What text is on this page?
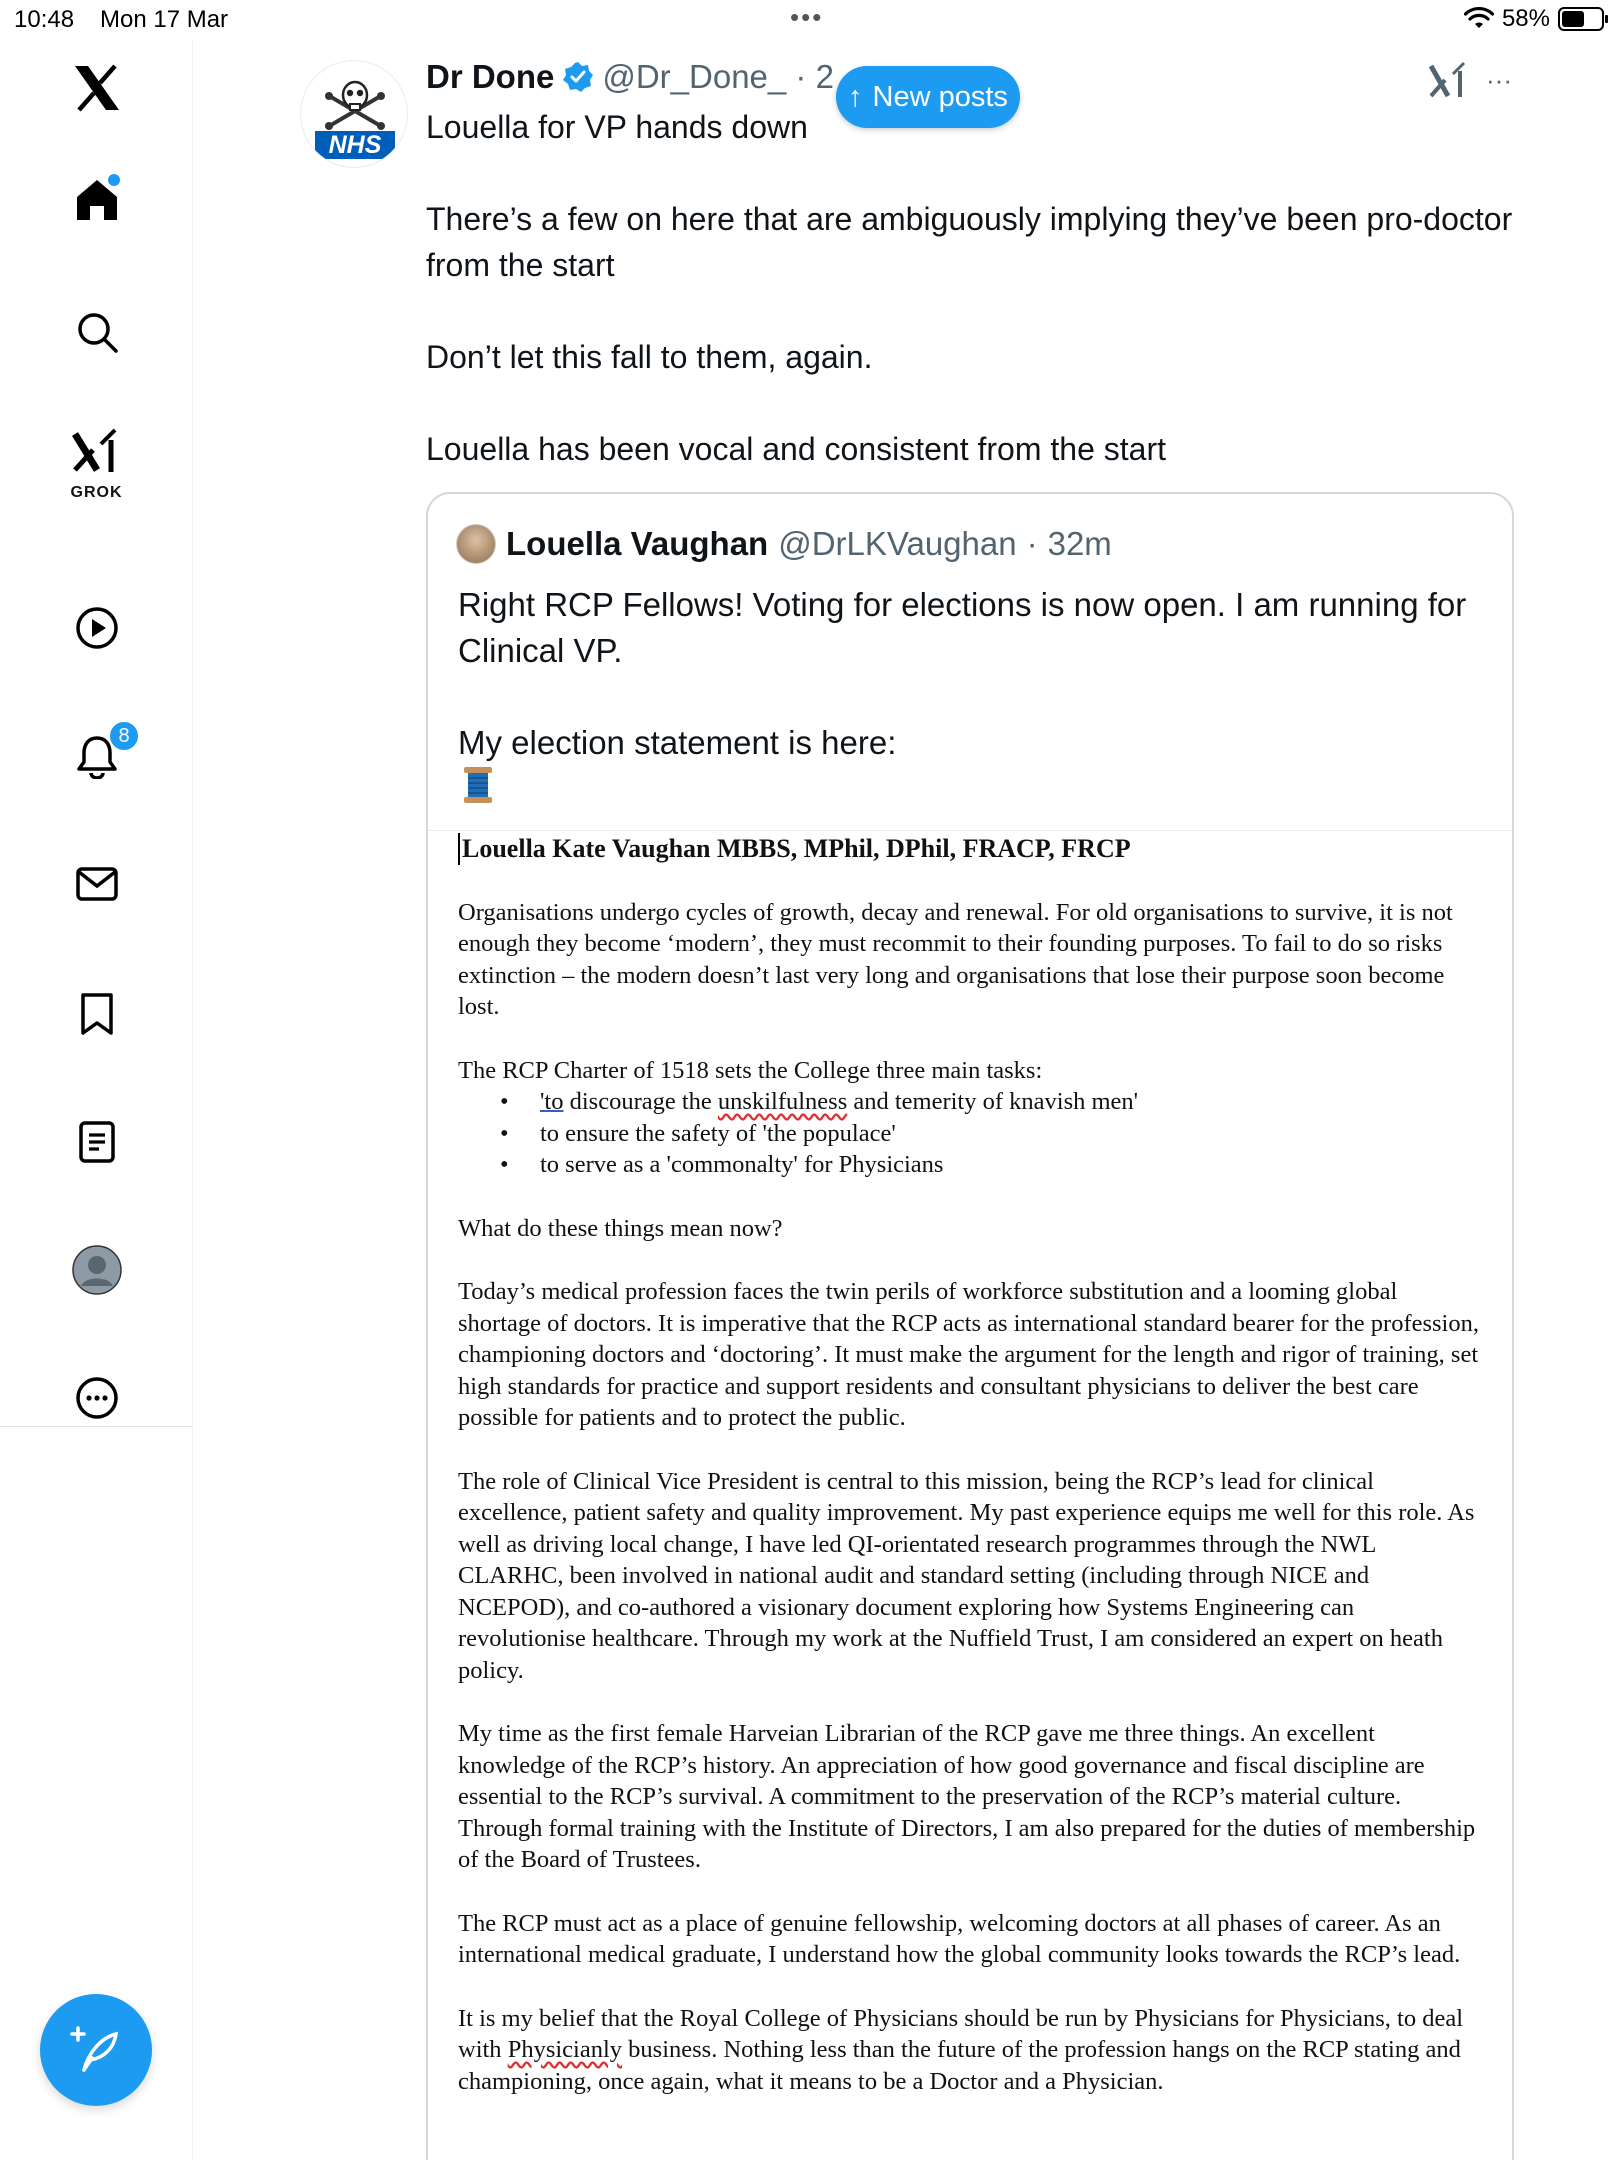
10:48 Mon 17 Mar	•••	58%
GROK
8
NHS
Dr Done @Dr_Done_ · 2
↑ New posts
···

Louella for VP hands down

There’s a few on here that are ambiguously implying they’ve been pro-doctor from the start

Don’t let this fall to them, again.

Louella has been vocal and consistent from the start

Louella Vaughan @DrLKVaughan · 32m

Right RCP Fellows! Voting for elections is now open. I am running for Clinical VP.

My election statement is here:

Louella Kate Vaughan MBBS, MPhil, DPhil, FRACP, FRCP

Organisations undergo cycles of growth, decay and renewal. For old organisations to survive, it is not enough they become ‘modern’, they must recommit to their founding purposes. To fail to do so risks extinction – the modern doesn’t last very long and organisations that lose their purpose soon become lost.

The RCP Charter of 1518 sets the College three main tasks:

• 'to discourage the unskilfulness and temerity of knavish men'
• to ensure the safety of 'the populace'
• to serve as a 'commonalty' for Physicians

What do these things mean now?

Today’s medical profession faces the twin perils of workforce substitution and a looming global shortage of doctors. It is imperative that the RCP acts as international standard bearer for the profession, championing doctors and ‘doctoring’. It must make the argument for the length and rigor of training, set high standards for practice and support residents and consultant physicians to deliver the best care possible for patients and to protect the public.

The role of Clinical Vice President is central to this mission, being the RCP’s lead for clinical excellence, patient safety and quality improvement. My past experience equips me well for this role. As well as driving local change, I have led QI-orientated research programmes through the NWL CLARHC, been involved in national audit and standard setting (including through NICE and NCEPOD), and co-authored a visionary document exploring how Systems Engineering can revolutionise healthcare. Through my work at the Nuffield Trust, I am considered an expert on heath policy.

My time as the first female Harveian Librarian of the RCP gave me three things. An excellent knowledge of the RCP’s history. An appreciation of how good governance and fiscal discipline are essential to the RCP’s survival. A commitment to the preservation of the RCP’s material culture. Through formal training with the Institute of Directors, I am also prepared for the duties of membership of the Board of Trustees.

The RCP must act as a place of genuine fellowship, welcoming doctors at all phases of career. As an international medical graduate, I understand how the global community looks towards the RCP’s lead.

It is my belief that the Royal College of Physicians should be run by Physicians for Physicians, to deal with Physicianly business. Nothing less than the future of the profession hangs on the RCP stating and championing, once again, what it means to be a Doctor and a Physician.
